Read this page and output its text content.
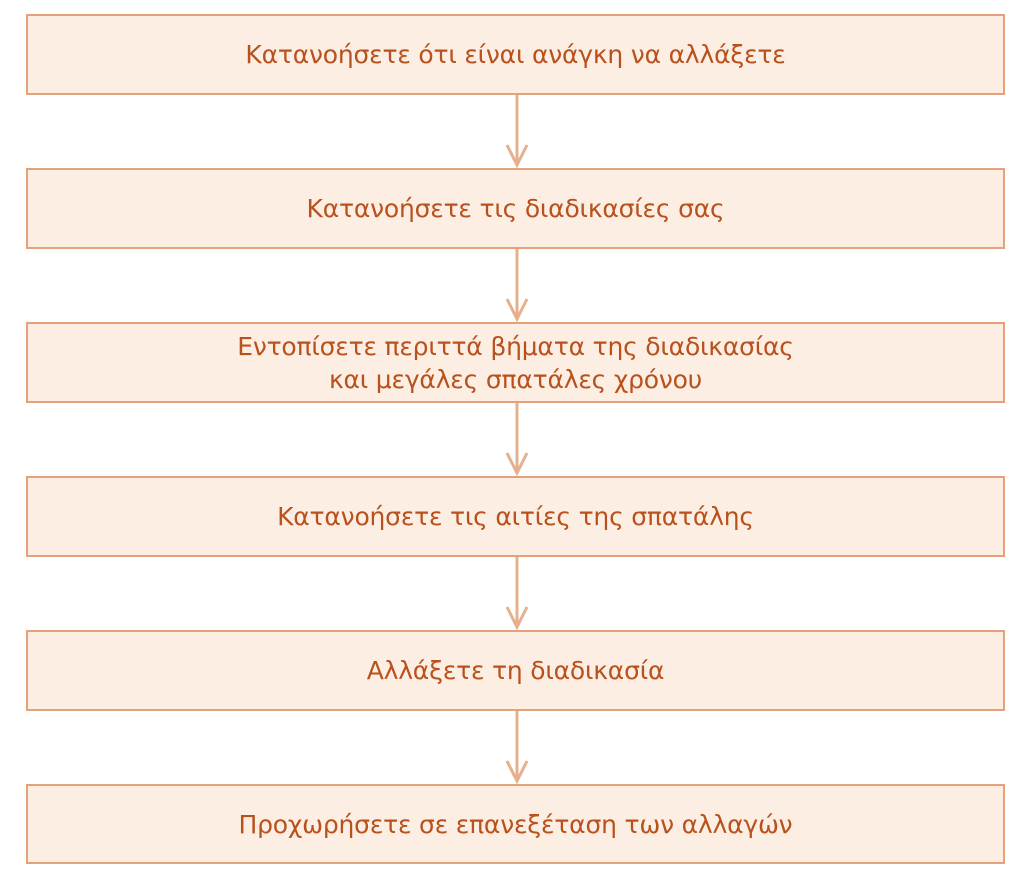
Κατανοήσετε ότι είναι ανάγκη να αλλάξετε
Κατανοήσετε τις διαδικασίες σας
Εντοπίσετε περιττά βήματα της διαδικασίας
και μεγάλες σπατάλες χρόνου
Κατανοήσετε τις αιτίες της σπατάλης
Αλλάξετε τη διαδικασία
Προχωρήσετε σε επανεξέταση των αλλαγών
